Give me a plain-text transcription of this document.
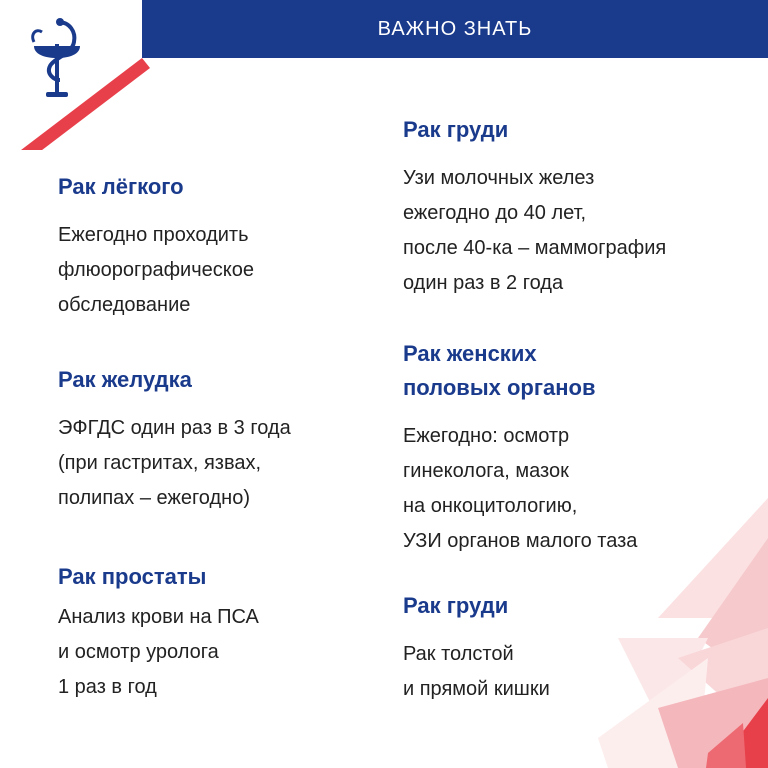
ВАЖНО ЗНАТЬ
Рак лёгкого

Ежегодно проходить
флюорографическое
обследование

Рак желудка

ЭФГДС один раз в 3 года
(при гастритах, язвах,
полипах – ежегодно)

Рак простаты

Анализ крови на ПСА
и осмотр уролога
1 раз в год

Рак груди

Узи молочных желез
ежегодно до 40 лет,
после 40-ка – маммография
один раз в 2 года

Рак женских
половых органов

Ежегодно: осмотр
гинеколога, мазок
на онкоцитологию,
УЗИ органов малого таза

Рак груди

Рак толстой
и прямой кишки
